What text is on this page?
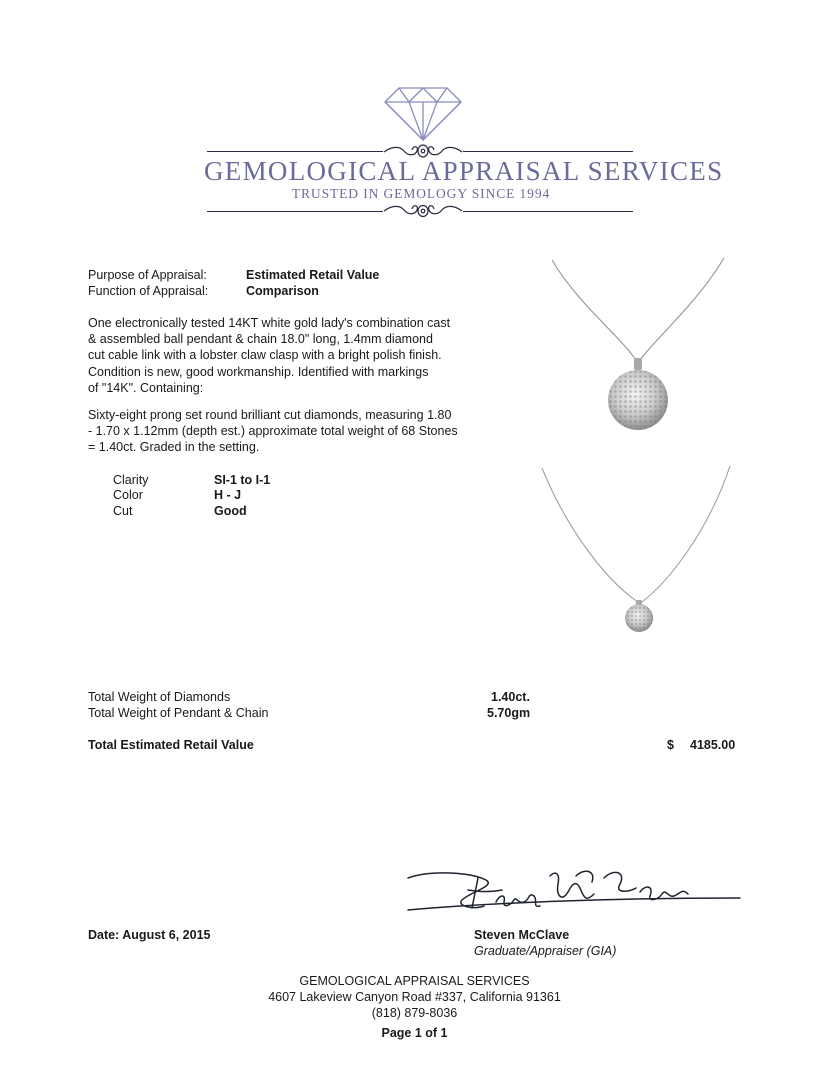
GEMOLOGICAL APPRAISAL SERVICES
TRUSTED IN GEMOLOGY SINCE 1994
Purpose of Appraisal:	Estimated Retail Value
Function of Appraisal:	Comparison
One electronically tested 14KT white gold lady's combination cast
& assembled ball pendant & chain 18.0" long, 1.4mm diamond
cut cable link with a lobster claw clasp with a bright polish finish.
Condition is new, good workmanship. Identified with markings
of "14K". Containing:
Sixty-eight prong set round brilliant cut diamonds, measuring 1.80
- 1.70 x 1.12mm (depth est.) approximate total weight of 68 Stones
= 1.40ct. Graded in the setting.
Clarity	SI-1 to I-1
Color	H - J
Cut	Good
Total Weight of Diamonds	1.40ct.
Total Weight of Pendant & Chain	5.70gm
Total Estimated Retail Value	$ 4185.00
Date: August 6, 2015	Steven McClave
Graduate/Appraiser (GIA)
GEMOLOGICAL APPRAISAL SERVICES
4607 Lakeview Canyon Road #337, California 91361
(818) 879-8036
Page 1 of 1
